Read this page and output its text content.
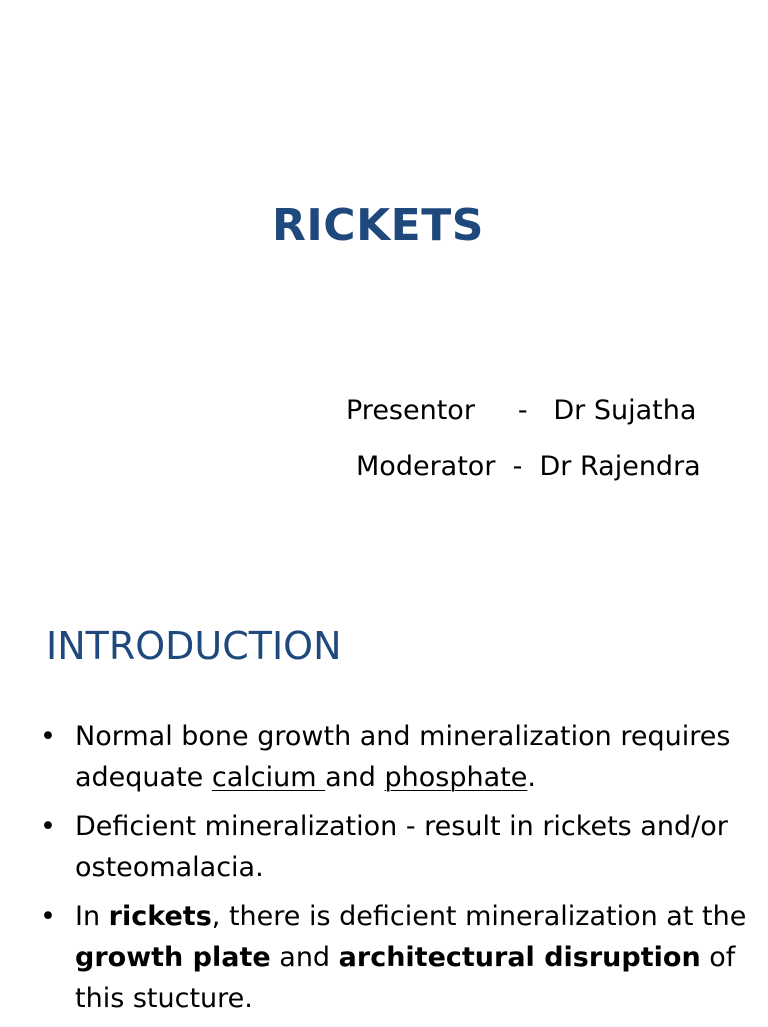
RICKETS
Presentor - Dr Sujatha
Moderator - Dr Rajendra
INTRODUCTION
• Normal bone growth and mineralization requires adequate calcium and phosphate.
• Deficient mineralization - result in rickets and/or osteomalacia.
• In rickets, there is deficient mineralization at the growth plate and architectural disruption of this stucture.
